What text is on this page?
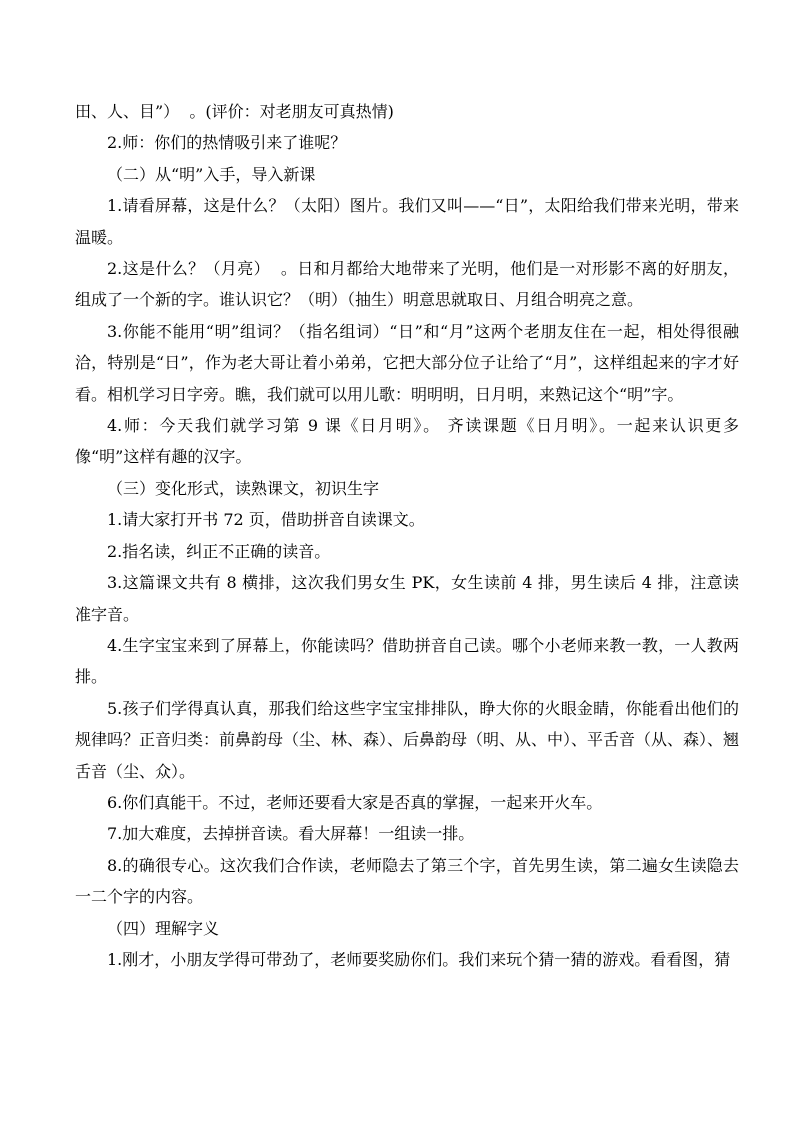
田、人、目”）  。(评价：对老朋友可真热情)

2.师：你们的热情吸引来了谁呢？

（二）从“明”入手，导入新课

1.请看屏幕，这是什么？（太阳）图片。我们又叫——“日”，太阳给我们带来光明，带来温暖。

2.这是什么？（月亮）  。日和月都给大地带来了光明，他们是一对形影不离的好朋友，组成了一个新的字。谁认识它？（明）（抽生）明意思就取日、月组合明亮之意。

3.你能不能用“明”组词？（指名组词）“日”和“月”这两个老朋友住在一起，相处得很融洽，特别是“日”，作为老大哥让着小弟弟，它把大部分位子让给了“月”，这样组起来的字才好看。相机学习日字旁。瞧，我们就可以用儿歌：明明明，日月明，来熟记这个“明”字。

4.师：今天我们就学习第 9 课《日月明》。 齐读课题《日月明》。一起来认识更多像“明”这样有趣的汉字。

（三）变化形式，读熟课文，初识生字

1.请大家打开书 72 页，借助拼音自读课文。

2.指名读，纠正不正确的读音。

3.这篇课文共有 8 横排，这次我们男女生 PK，女生读前 4 排，男生读后 4 排，注意读准字音。

4.生字宝宝来到了屏幕上，你能读吗？借助拼音自己读。哪个小老师来教一教，一人教两排。

5.孩子们学得真认真，那我们给这些字宝宝排排队，睁大你的火眼金睛，你能看出他们的规律吗？正音归类：前鼻韵母（尘、林、森）、后鼻韵母（明、从、中）、平舌音（从、森）、翘舌音（尘、众）。

6.你们真能干。不过，老师还要看大家是否真的掌握，一起来开火车。

7.加大难度，去掉拼音读。看大屏幕！一组读一排。

8.的确很专心。这次我们合作读，老师隐去了第三个字，首先男生读，第二遍女生读隐去一二个字的内容。

（四）理解字义

1.刚才，小朋友学得可带劲了，老师要奖励你们。我们来玩个猜一猜的游戏。看看图，猜
